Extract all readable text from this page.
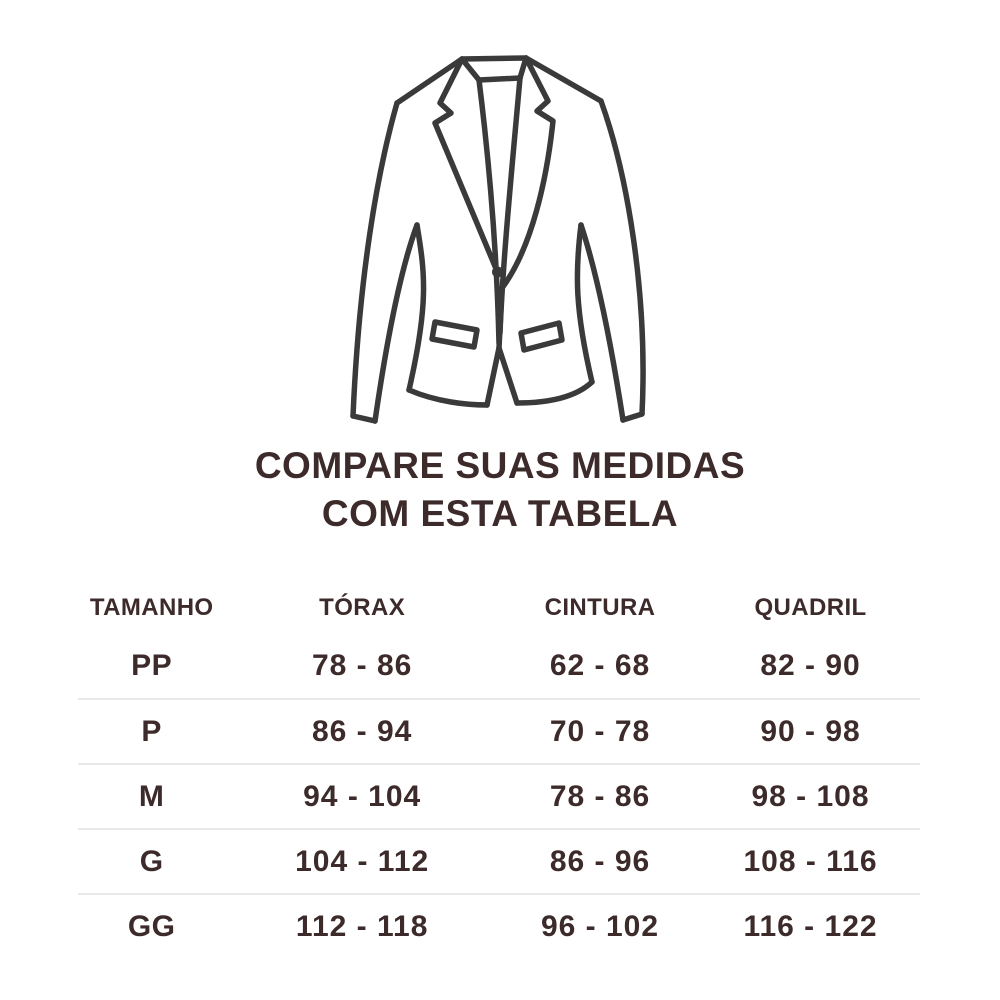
COMPARE SUAS MEDIDAS
COM ESTA TABELA
TAMANHO	TÓRAX	CINTURA	QUADRIL
PP	78 - 86	62 - 68	82 - 90
P	86 - 94	70 - 78	90 - 98
M	94 - 104	78 - 86	98 - 108
G	104 - 112	86 - 96	108 - 116
GG	112 - 118	96 - 102	116 - 122
